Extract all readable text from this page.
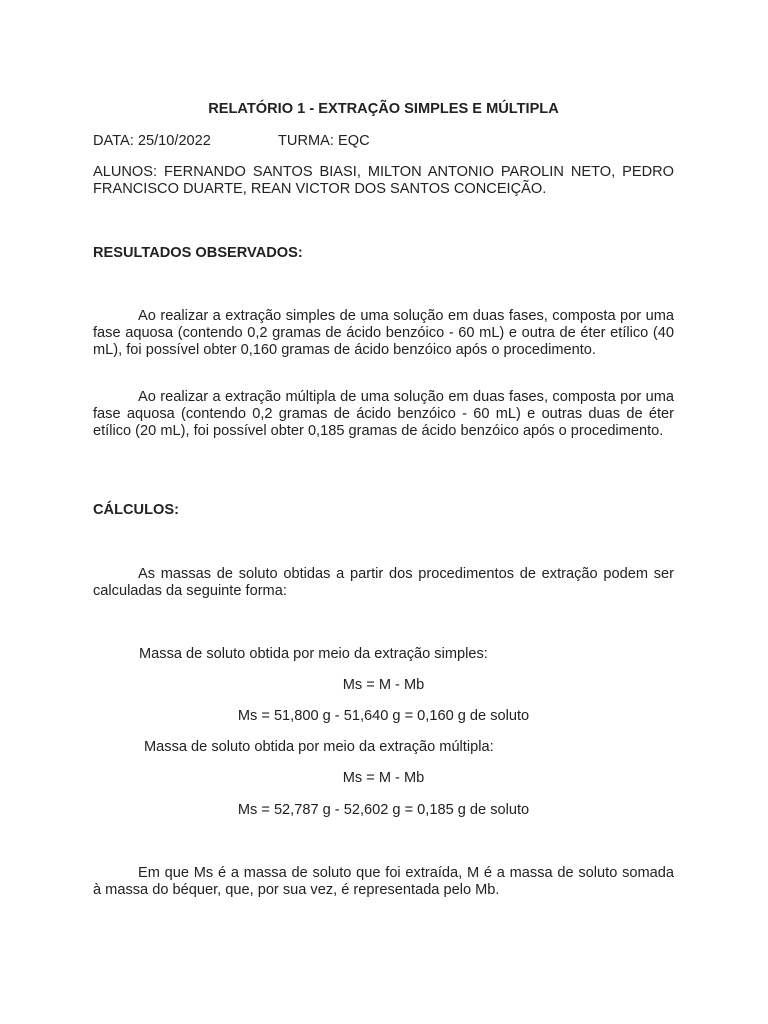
RELATÓRIO 1 - EXTRAÇÃO SIMPLES E MÚLTIPLA
DATA: 25/10/2022	TURMA: EQC
ALUNOS: FERNANDO SANTOS BIASI, MILTON ANTONIO PAROLIN NETO, PEDRO FRANCISCO DUARTE, REAN VICTOR DOS SANTOS CONCEIÇÃO.
RESULTADOS OBSERVADOS:
Ao realizar a extração simples de uma solução em duas fases, composta por uma fase aquosa (contendo 0,2 gramas de ácido benzóico - 60 mL) e outra de éter etílico (40 mL), foi possível obter 0,160 gramas de ácido benzóico após o procedimento.
Ao realizar a extração múltipla de uma solução em duas fases, composta por uma fase aquosa (contendo 0,2 gramas de ácido benzóico - 60 mL) e outras duas de éter etílico (20 mL), foi possível obter 0,185 gramas de ácido benzóico após o procedimento.
CÁLCULOS:
As massas de soluto obtidas a partir dos procedimentos de extração podem ser calculadas da seguinte forma:
Massa de soluto obtida por meio da extração simples:
Ms = M - Mb
Ms = 51,800 g - 51,640 g = 0,160 g de soluto
Massa de soluto obtida por meio da extração múltipla:
Ms = M - Mb
Ms = 52,787 g - 52,602 g = 0,185 g de soluto
Em que Ms é a massa de soluto que foi extraída, M é a massa de soluto somada à massa do béquer, que, por sua vez, é representada pelo Mb.
